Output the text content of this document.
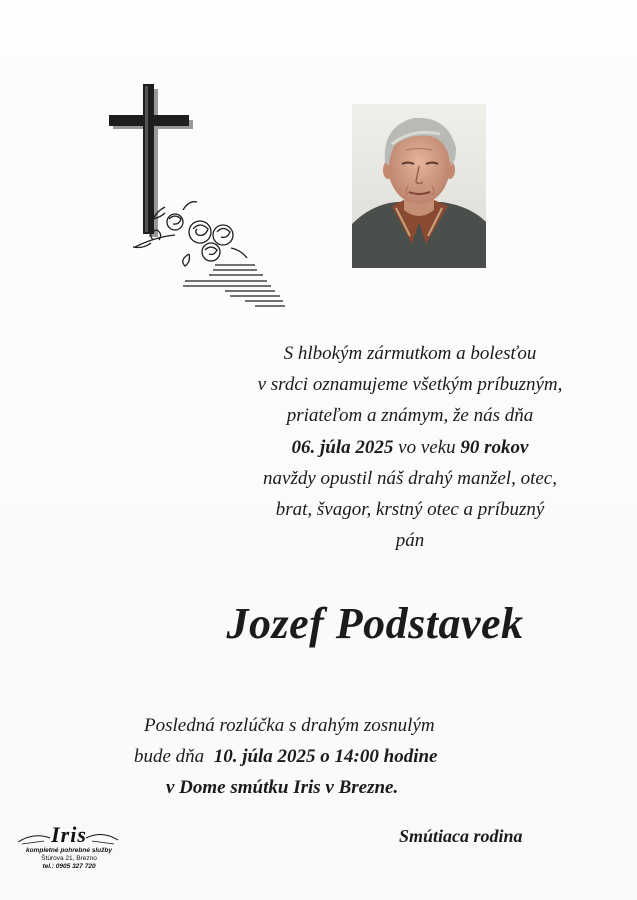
S hlbokým zármutkom a bolesťou
v srdci oznamujeme všetkým príbuzným,
priateľom a známym, že nás dňa
06. júla 2025 vo veku 90 rokov
navždy opustil náš drahý manžel, otec,
brat, švagor, krstný otec a príbuzný
pán
Jozef Podstavek
Posledná rozlúčka s drahým zosnulým
bude dňa 10. júla 2025 o 14:00 hodine
v Dome smútku Iris v Brezne.
Smútiaca rodina
Iris
kompletné pohrebné služby
Štúrova 21, Brezno
tel.: 0905 327 720
